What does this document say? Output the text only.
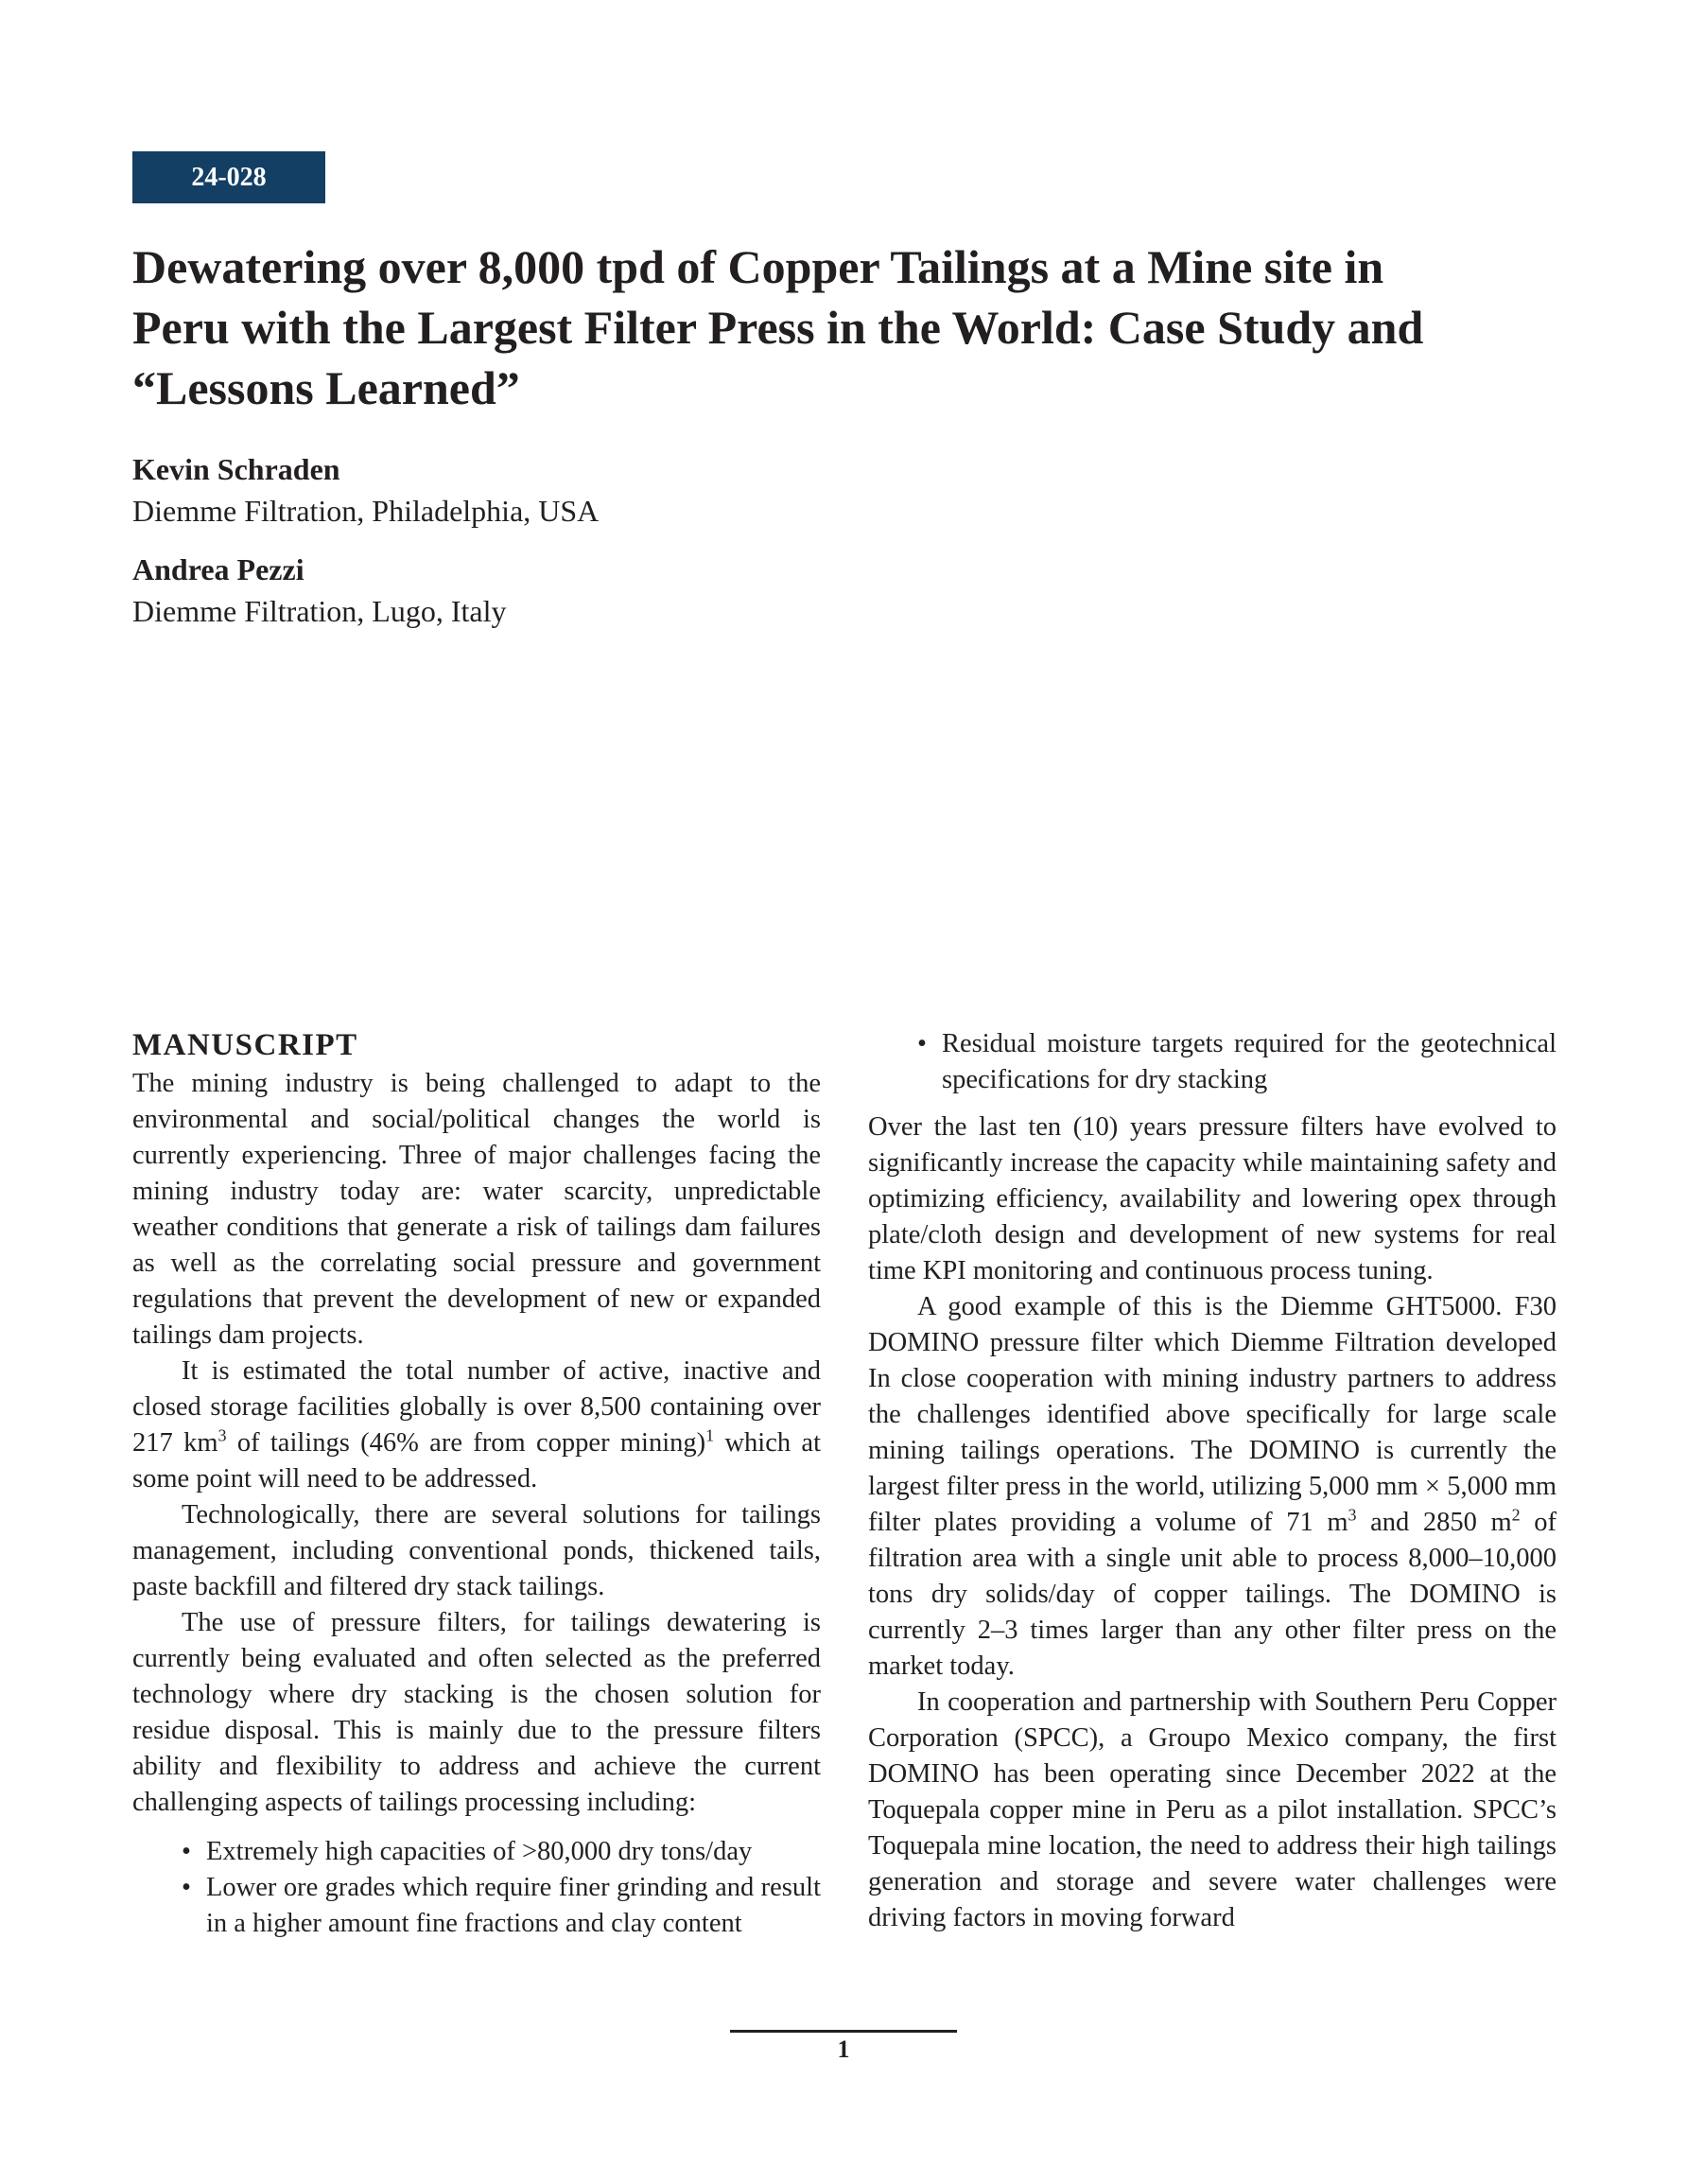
24-028
Dewatering over 8,000 tpd of Copper Tailings at a Mine site in
Peru with the Largest Filter Press in the World: Case Study and
“Lessons Learned”
Kevin Schraden
Diemme Filtration, Philadelphia, USA
Andrea Pezzi
Diemme Filtration, Lugo, Italy
MANUSCRIPT

The mining industry is being challenged to adapt to the environmental and social/political changes the world is currently experiencing. Three of major challenges facing the mining industry today are: water scarcity, unpredictable weather conditions that generate a risk of tailings dam failures as well as the correlating social pressure and government regulations that prevent the development of new or expanded tailings dam projects.

It is estimated the total number of active, inactive and closed storage facilities globally is over 8,500 containing over 217 $km^3$ of tailings (46% are from copper mining)$^1$ which at some point will need to be addressed.

Technologically, there are several solutions for tailings management, including conventional ponds, thickened tails, paste backfill and filtered dry stack tailings.

The use of pressure filters, for tailings dewatering is currently being evaluated and often selected as the preferred technology where dry stacking is the chosen solution for residue disposal. This is mainly due to the pressure filters ability and flexibility to address and achieve the current challenging aspects of tailings processing including:

• Extremely high capacities of >80,000 dry tons/day
• Lower ore grades which require finer grinding and result in a higher amount fine fractions and clay content
• Residual moisture targets required for the geotechnical specifications for dry stacking

Over the last ten (10) years pressure filters have evolved to significantly increase the capacity while maintaining safety and optimizing efficiency, availability and lowering opex through plate/cloth design and development of new systems for real time KPI monitoring and continuous process tuning.

A good example of this is the Diemme GHT5000. F30 DOMINO pressure filter which Diemme Filtration developed In close cooperation with mining industry partners to address the challenges identified above specifically for large scale mining tailings operations. The DOMINO is currently the largest filter press in the world, utilizing 5,000 mm × 5,000 mm filter plates providing a volume of 71 $m^3$ and 2850 $m^2$ of filtration area with a single unit able to process 8,000–10,000 tons dry solids/day of copper tailings. The DOMINO is currently 2–3 times larger than any other filter press on the market today.

In cooperation and partnership with Southern Peru Copper Corporation (SPCC), a Groupo Mexico company, the first DOMINO has been operating since December 2022 at the Toquepala copper mine in Peru as a pilot installation. SPCC’s Toquepala mine location, the need to address their high tailings generation and storage and severe water challenges were driving factors in moving forward

1
